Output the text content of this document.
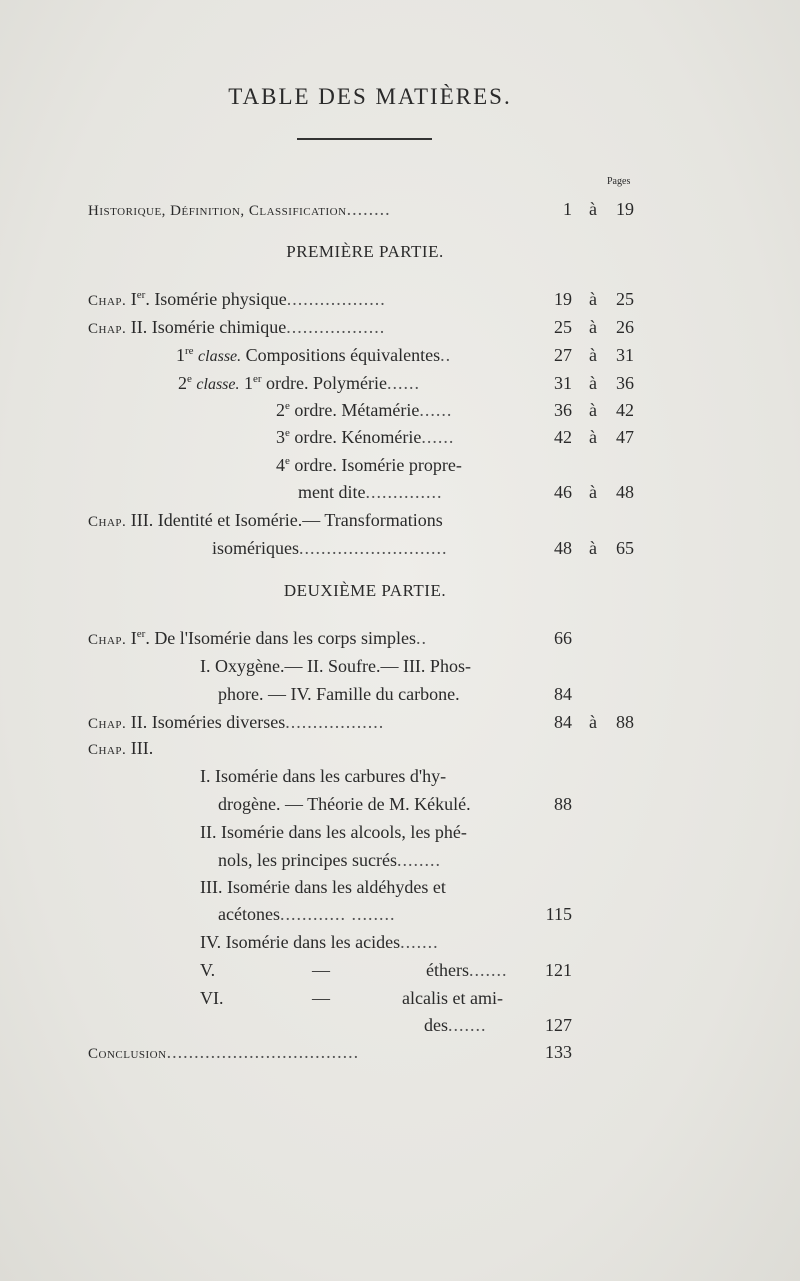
TABLE DES MATIÈRES.
Pages
Historique, Définition, Classification........	1 à 19
PREMIÈRE PARTIE.
Chap. Ier. Isomérie physique..................	19 à 25
Chap. II. Isomérie chimique..................	25 à 26
1re classe. Compositions équivalentes..	27 à 31
2e classe. 1er ordre. Polymérie......	31 à 36
2e ordre. Métamérie......	36 à 42
3e ordre. Kénomérie......	42 à 47
4e ordre. Isomérie propre-
ment dite..............	46 à 48
Chap. III. Identité et Isomérie.— Transformations
isomériques...........................	48 à 65
DEUXIÈME PARTIE.
Chap. Ier. De l'Isomérie dans les corps simples..	66
I. Oxygène.— II. Soufre.— III. Phos-
phore. — IV. Famille du carbone.	84
Chap. II. Isoméries diverses..................	84 à 88
Chap. III.
I. Isomérie dans les carbures d'hy-
drogène. — Théorie de M. Kékulé.	88
II. Isomérie dans les alcools, les phé-
nols, les principes sucrés........
III. Isomérie dans les aldéhydes et
acétones............ ........	115
IV. Isomérie dans les acides.......
V.	—	éthers.......	121
VI.	—	alcalis et ami-
des.......	127
Conclusion...................................	133
